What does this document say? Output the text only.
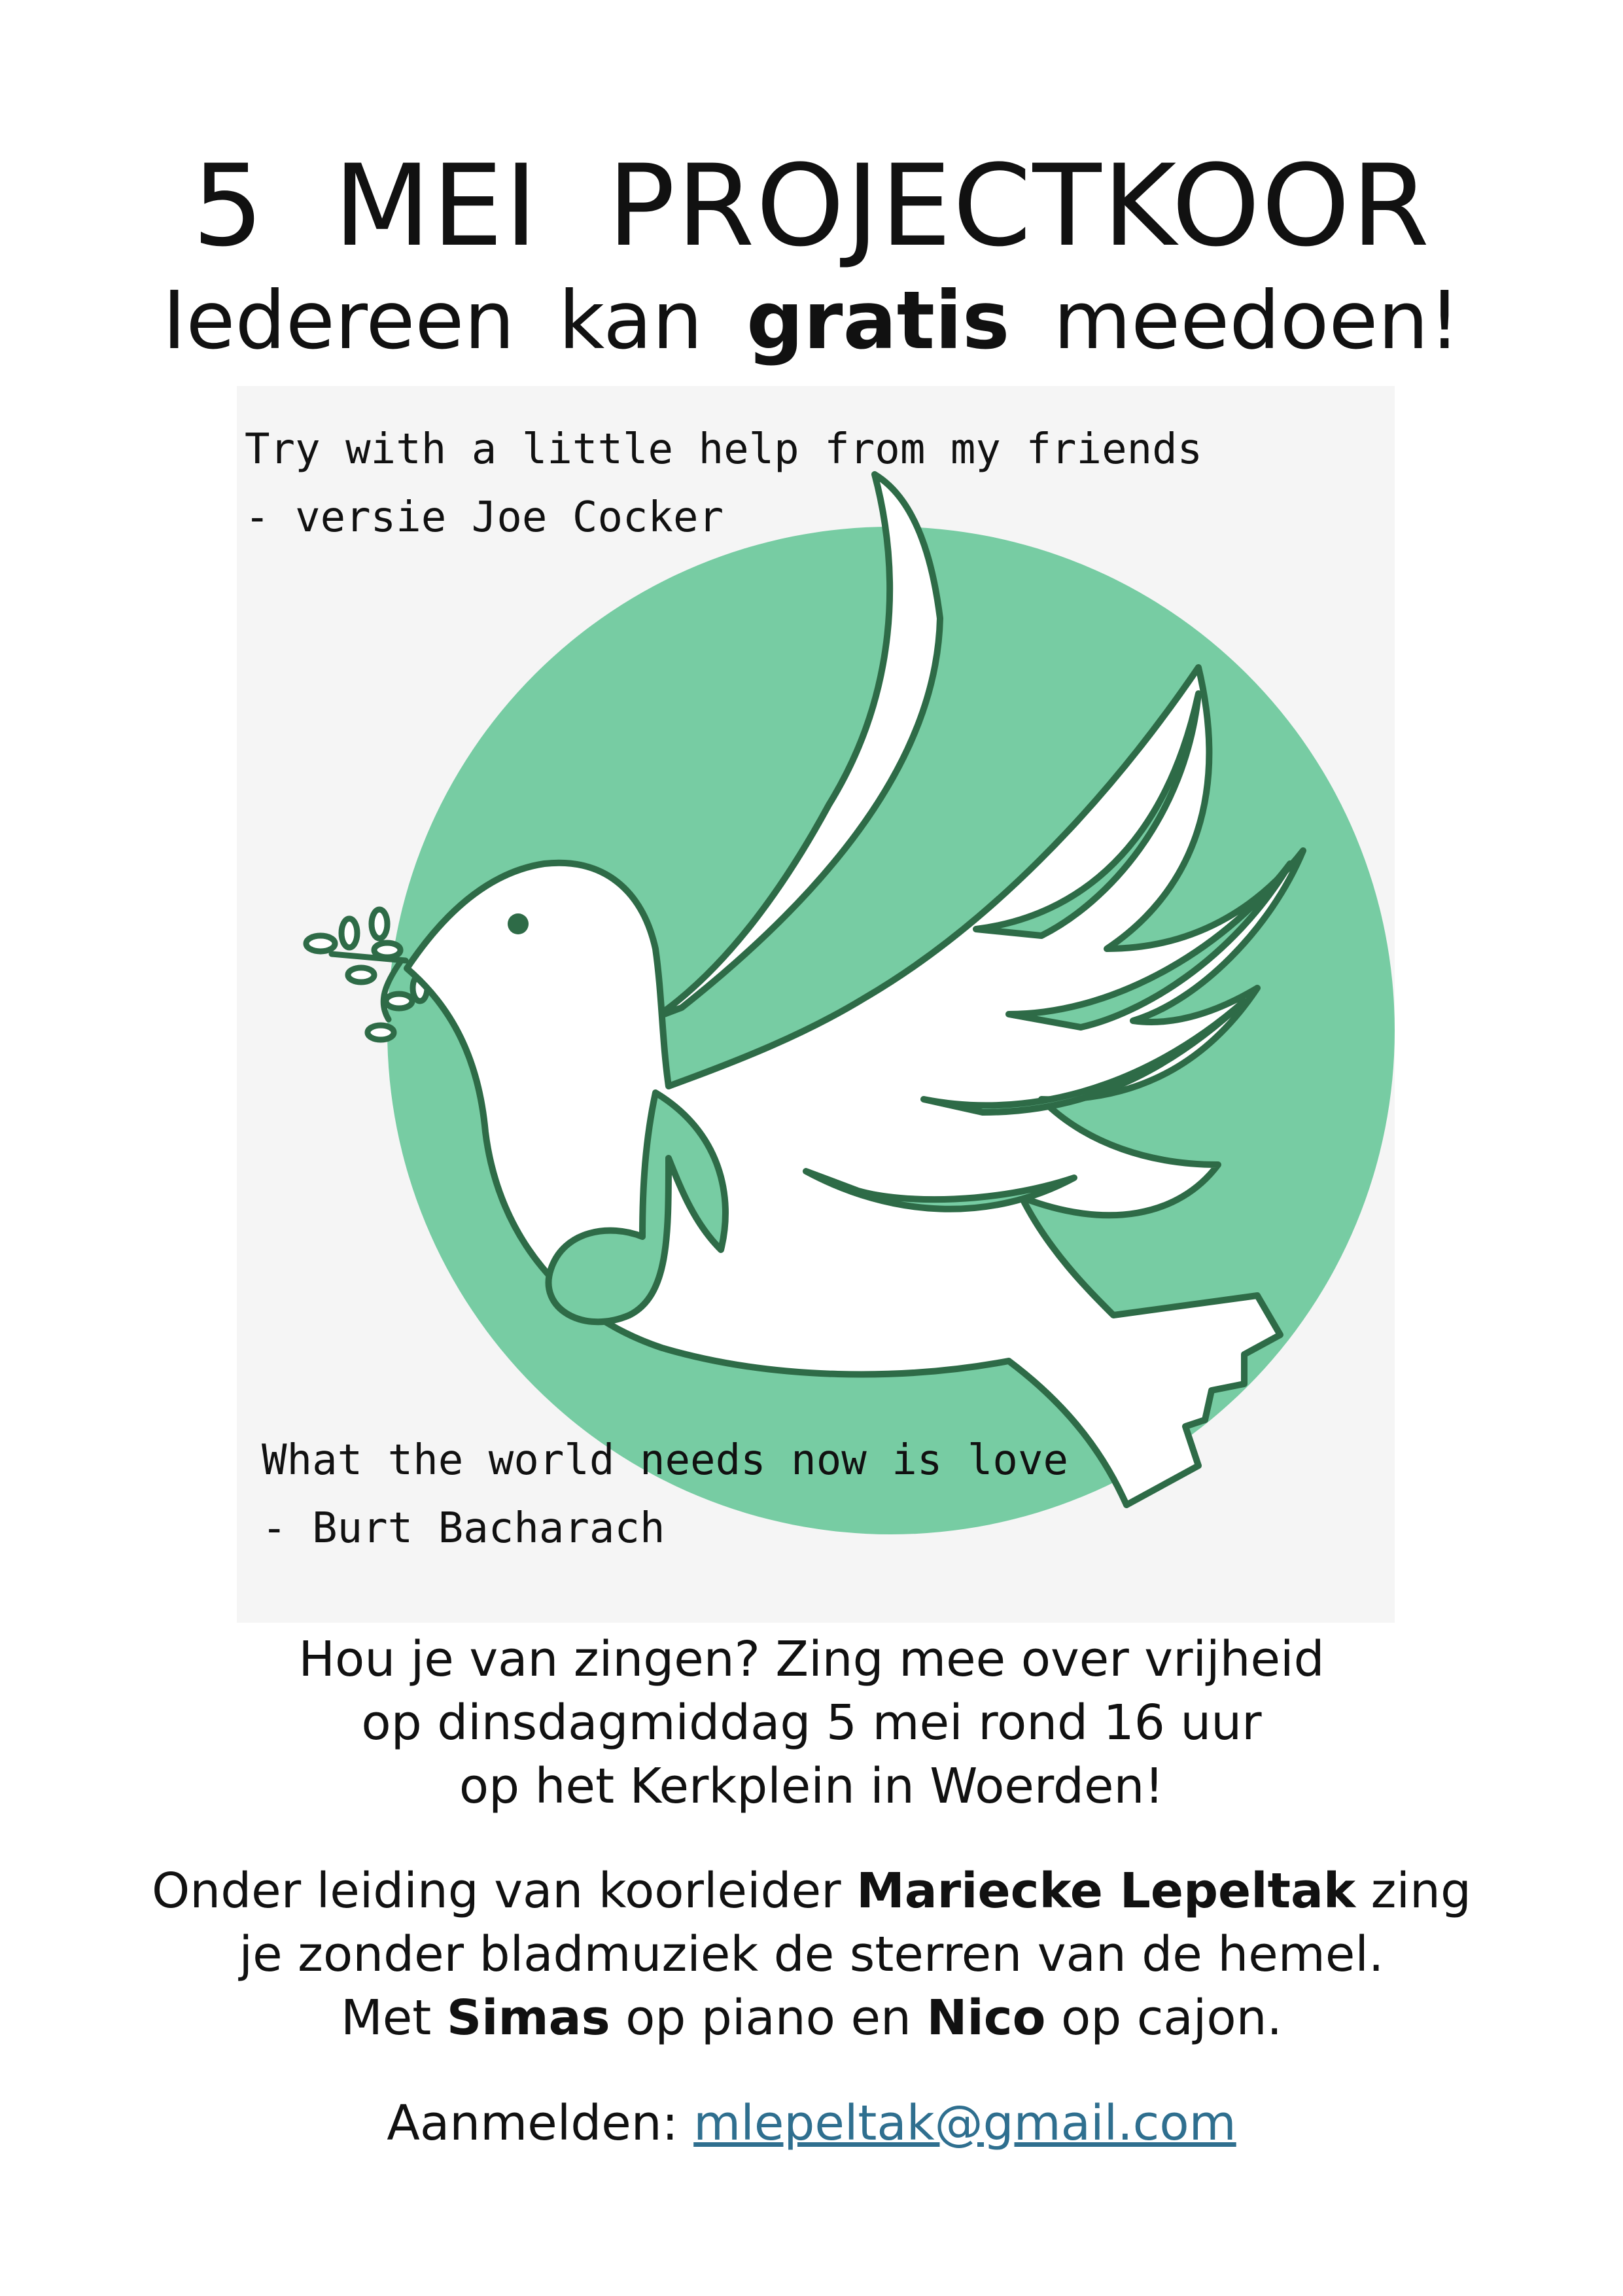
5 MEI PROJECTKOOR

Iedereen kan gratis meedoen!

Try with a little help from my friends
- versie Joe Cocker
What the world needs now is love
- Burt Bacharach
Hou je van zingen? Zing mee over vrijheid
op dinsdagmiddag 5 mei rond 16 uur
op het Kerkplein in Woerden!
Onder leiding van koorleider Mariecke Lepeltak zing
je zonder bladmuziek de sterren van de hemel.
Met Simas op piano en Nico op cajon.

Aanmelden: mlepeltak@gmail.com
